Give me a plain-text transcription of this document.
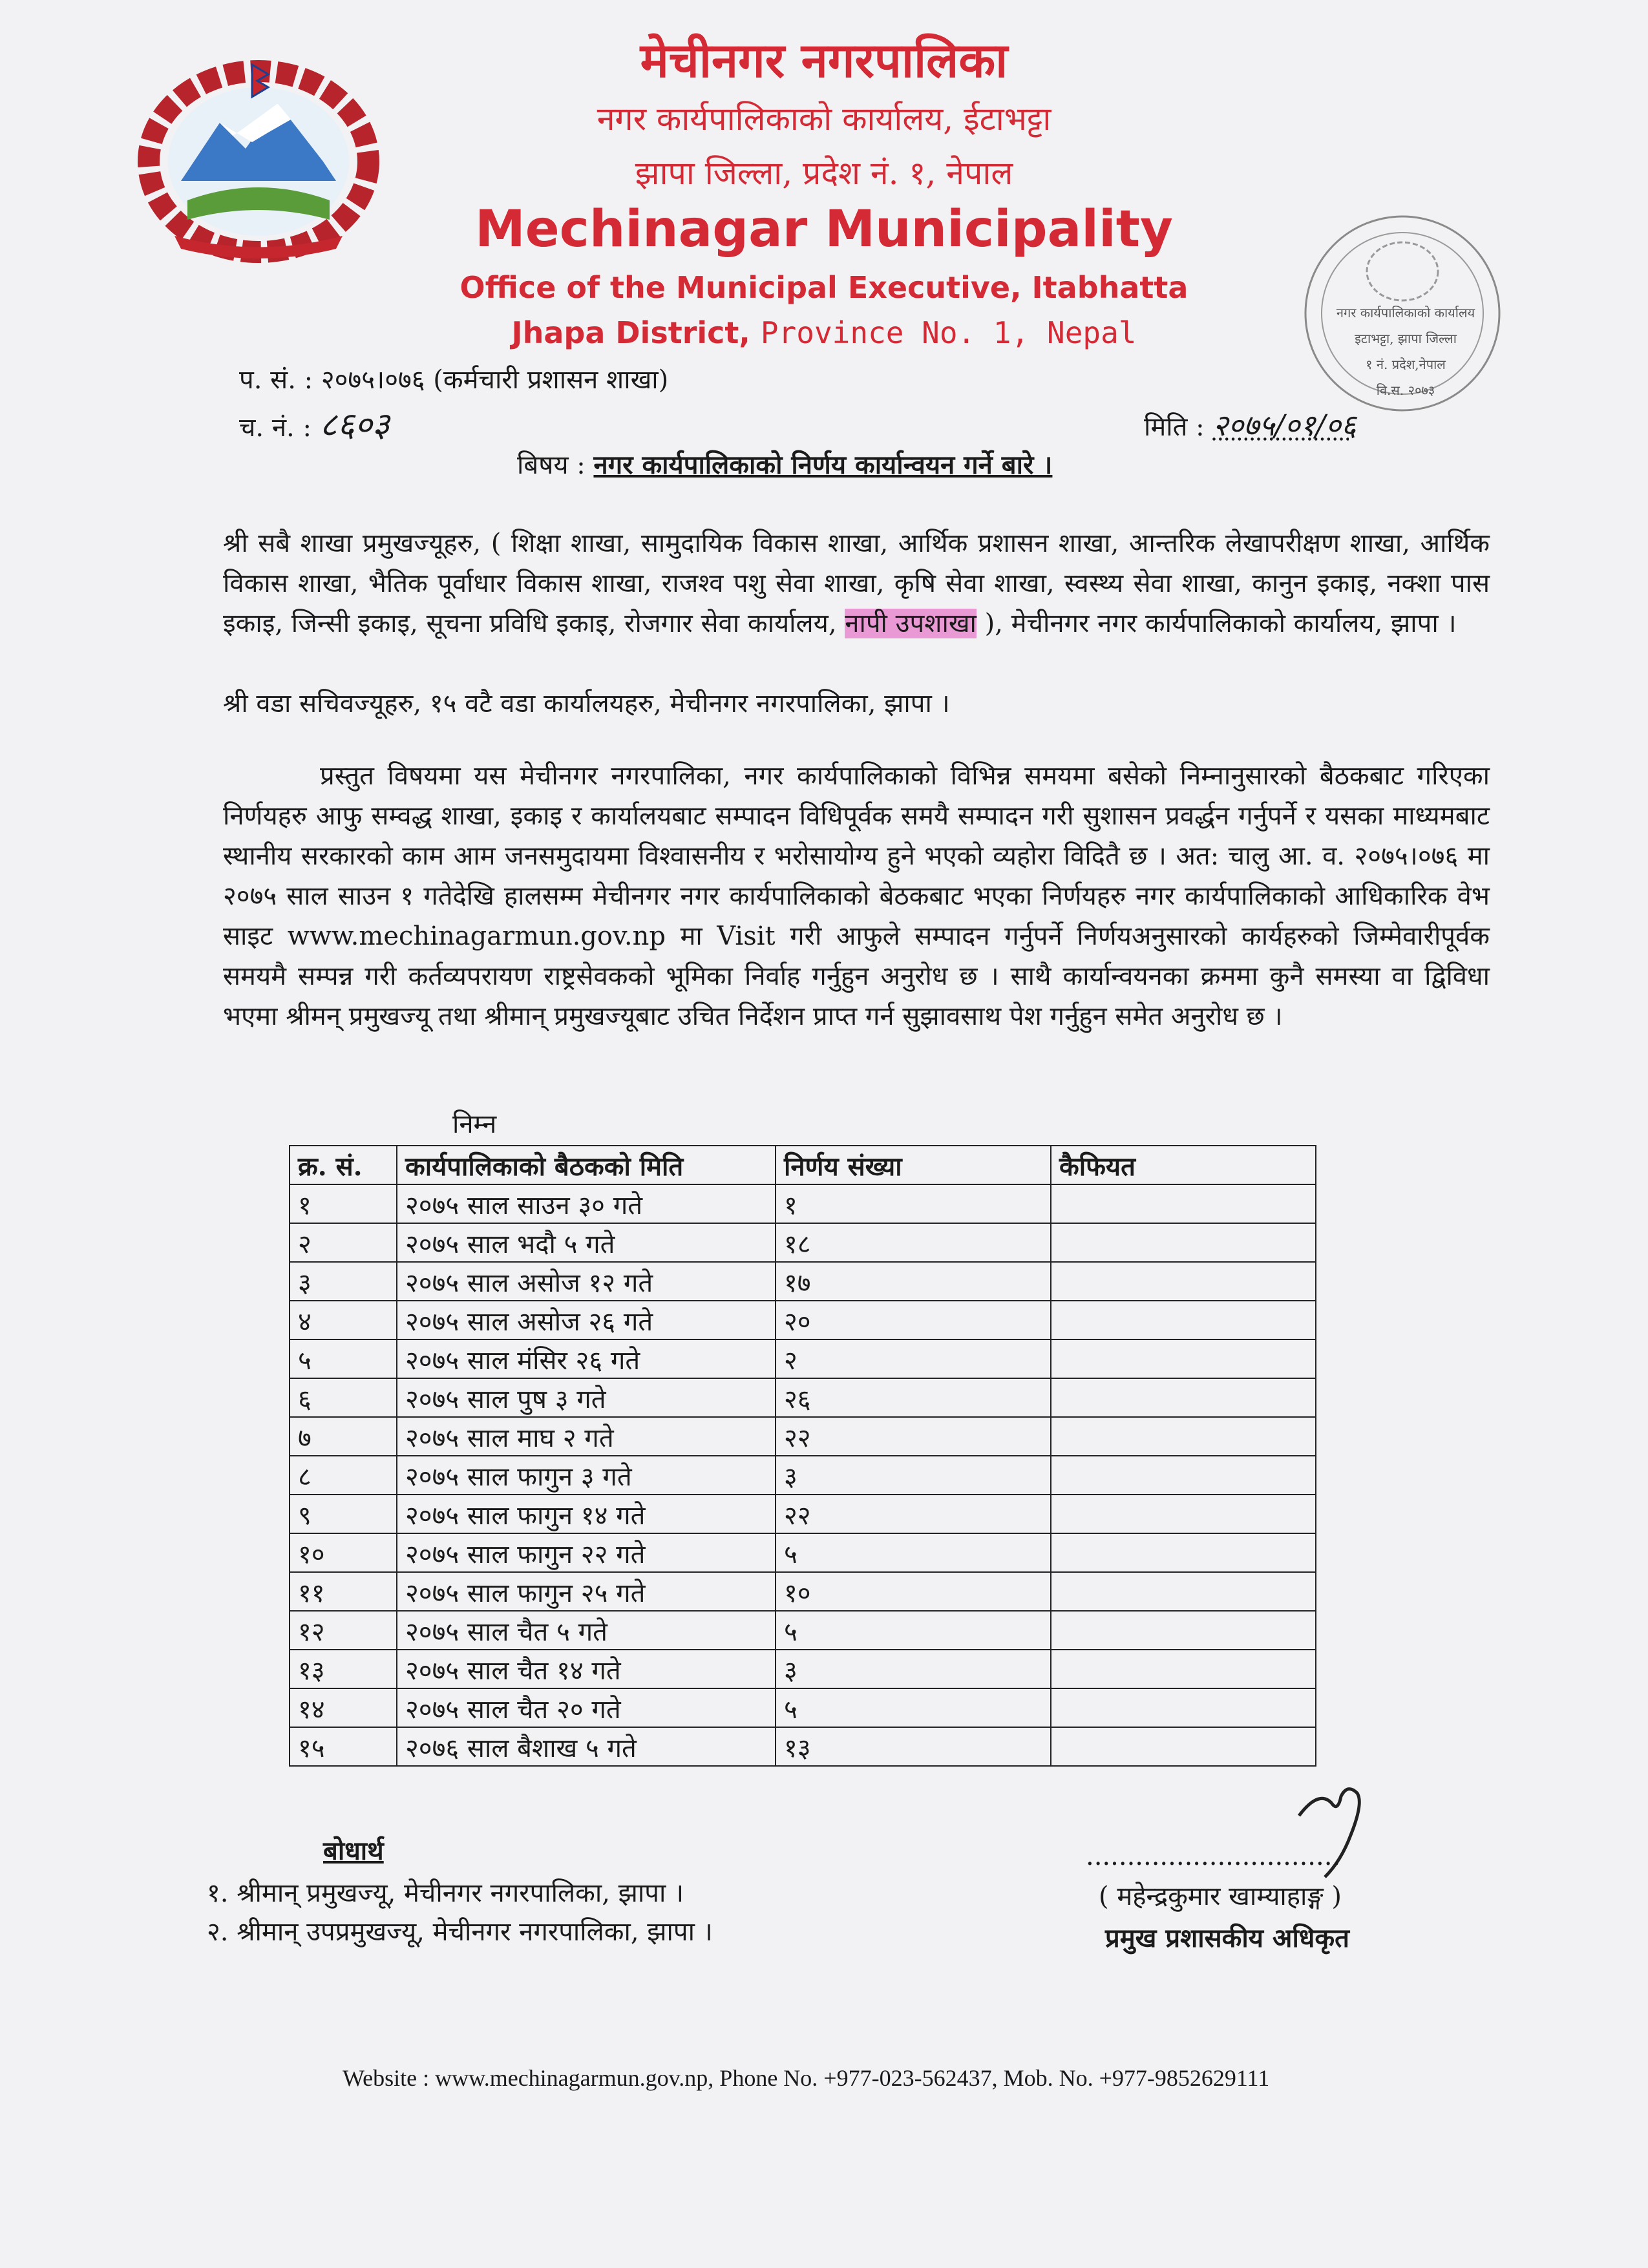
नगर कार्यपालिकाको कार्यालय
इटाभट्टा, झापा जिल्ला
१ नं. प्रदेश,नेपाल
वि.स. २०७३
मेचीनगर नगरपालिका
नगर कार्यपालिकाको कार्यालय, ईटाभट्टा
झापा जिल्ला, प्रदेश नं. १, नेपाल
Mechinagar Municipality
Office of the Municipal Executive, Itabhatta
Jhapa District, Province No. 1, Nepal
प. सं. : २०७५।०७६ (कर्मचारी प्रशासन शाखा)
च. नं. : ८६०३	मिति : २०७५/०१/०६
बिषय : नगर कार्यपालिकाको निर्णय कार्यान्वयन गर्ने बारे ।
श्री सबै शाखा प्रमुखज्यूहरु, ( शिक्षा शाखा, सामुदायिक विकास शाखा, आर्थिक प्रशासन शाखा, आन्तरिक लेखापरीक्षण शाखा, आर्थिक विकास शाखा, भैतिक पूर्वाधार विकास शाखा, राजश्व पशु सेवा शाखा, कृषि सेवा शाखा, स्वस्थ्य सेवा शाखा, कानुन इकाइ, नक्शा पास इकाइ, जिन्सी इकाइ, सूचना प्रविधि इकाइ, रोजगार सेवा कार्यालय, नापी उपशाखा ), मेचीनगर नगर कार्यपालिकाको कार्यालय, झापा ।
श्री वडा सचिवज्यूहरु, १५ वटै वडा कार्यालयहरु, मेचीनगर नगरपालिका, झापा ।
प्रस्तुत विषयमा यस मेचीनगर नगरपालिका, नगर कार्यपालिकाको विभिन्न समयमा बसेको निम्नानुसारको बैठकबाट गरिएका निर्णयहरु आफु सम्वद्ध शाखा, इकाइ र कार्यालयबाट सम्पादन विधिपूर्वक समयै सम्पादन गरी सुशासन प्रवर्द्धन गर्नुपर्ने र यसका माध्यमबाट स्थानीय सरकारको काम आम जनसमुदायमा विश्वासनीय र भरोसायोग्य हुने भएको व्यहोरा विदितै छ । अत: चालु आ. व. २०७५।०७६ मा २०७५ साल साउन १ गतेदेखि हालसम्म मेचीनगर नगर कार्यपालिकाको बेठकबाट भएका निर्णयहरु नगर कार्यपालिकाको आधिकारिक वेभ साइट www.mechinagarmun.gov.np मा Visit गरी आफुले सम्पादन गर्नुपर्ने निर्णयअनुसारको कार्यहरुको जिम्मेवारीपूर्वक समयमै सम्पन्न गरी कर्तव्यपरायण राष्ट्रसेवकको भूमिका निर्वाह गर्नुहुन अनुरोध छ । साथै कार्यान्वयनका क्रममा कुनै समस्या वा द्विविधा भएमा श्रीमन् प्रमुखज्यू तथा श्रीमान् प्रमुखज्यूबाट उचित निर्देशन प्राप्त गर्न सुझावसाथ पेश गर्नुहुन समेत अनुरोध छ ।
निम्न
क्र. सं.	कार्यपालिकाको बैठकको मिति	निर्णय संख्या	कैफियत
१	२०७५ साल साउन ३० गते	१	
२	२०७५ साल भदौ ५ गते	१८	
३	२०७५ साल असोज १२ गते	१७	
४	२०७५ साल असोज २६ गते	२०	
५	२०७५ साल मंसिर २६ गते	२	
६	२०७५ साल पुष ३ गते	२६	
७	२०७५ साल माघ २ गते	२२	
८	२०७५ साल फागुन ३ गते	३	
९	२०७५ साल फागुन १४ गते	२२	
१०	२०७५ साल फागुन २२ गते	५	
११	२०७५ साल फागुन २५ गते	१०	
१२	२०७५ साल चैत ५ गते	५	
१३	२०७५ साल चैत १४ गते	३	
१४	२०७५ साल चैत २० गते	५	
१५	२०७६ साल बैशाख ५ गते	१३	
बोधार्थ
१. श्रीमान् प्रमुखज्यू, मेचीनगर नगरपालिका, झापा ।
२. श्रीमान् उपप्रमुखज्यू, मेचीनगर नगरपालिका, झापा ।
...............................
( महेन्द्रकुमार खाम्याहाङ्ग )
प्रमुख प्रशासकीय अधिकृत
Website : www.mechinagarmun.gov.np, Phone No. +977-023-562437, Mob. No. +977-9852629111
